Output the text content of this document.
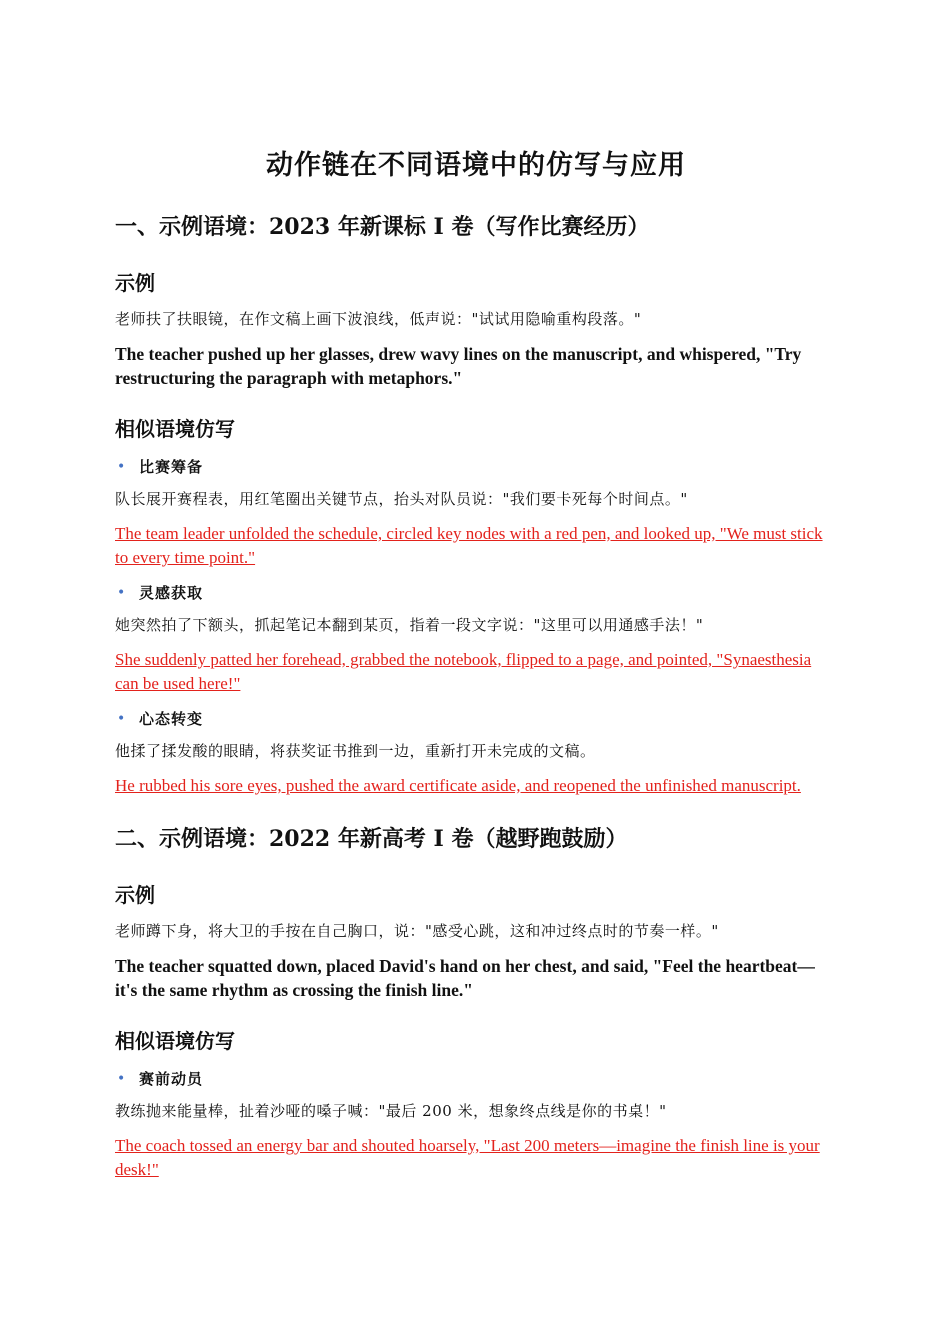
动作链在不同语境中的仿写与应用
一、示例语境：2023 年新课标 Ⅰ 卷（写作比赛经历）
示例

老师扶了扶眼镜，在作文稿上画下波浪线，低声说："试试用隐喻重构段落。"

The teacher pushed up her glasses, drew wavy lines on the manuscript, and whispered, "Try restructuring the paragraph with metaphors."

相似语境仿写
• 比赛筹备

队长展开赛程表，用红笔圈出关键节点，抬头对队员说："我们要卡死每个时间点。"

The team leader unfolded the schedule, circled key nodes with a red pen, and looked up, "We must stick to every time point."

• 灵感获取

她突然拍了下额头，抓起笔记本翻到某页，指着一段文字说："这里可以用通感手法！"

She suddenly patted her forehead, grabbed the notebook, flipped to a page, and pointed, "Synaesthesia can be used here!"

• 心态转变

他揉了揉发酸的眼睛，将获奖证书推到一边，重新打开未完成的文稿。

He rubbed his sore eyes, pushed the award certificate aside, and reopened the unfinished manuscript.

二、示例语境：2022 年新高考 Ⅰ 卷（越野跑鼓励）
示例

老师蹲下身，将大卫的手按在自己胸口，说："感受心跳，这和冲过终点时的节奏一样。"

The teacher squatted down, placed David's hand on her chest, and said, "Feel the heartbeat—it's the same rhythm as crossing the finish line."

相似语境仿写
• 赛前动员

教练抛来能量棒，扯着沙哑的嗓子喊："最后 200 米，想象终点线是你的书桌！"

The coach tossed an energy bar and shouted hoarsely, "Last 200 meters—imagine the finish line is your desk!"
